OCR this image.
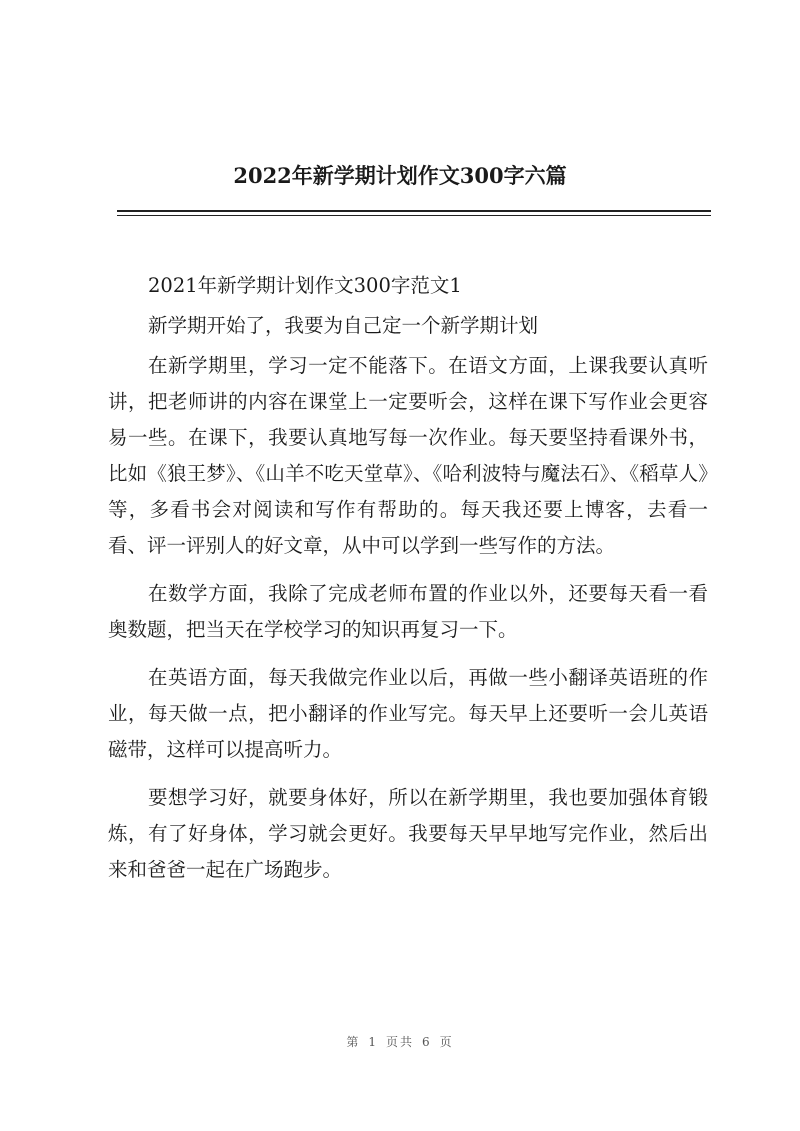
2022年新学期计划作文300字六篇

2021年新学期计划作文300字范文1

新学期开始了，我要为自己定一个新学期计划

在新学期里，学习一定不能落下。在语文方面，上课我要认真听讲，把老师讲的内容在课堂上一定要听会，这样在课下写作业会更容易一些。在课下，我要认真地写每一次作业。每天要坚持看课外书，比如《狼王梦》、《山羊不吃天堂草》、《哈利波特与魔法石》、《稻草人》等，多看书会对阅读和写作有帮助的。每天我还要上博客，去看一看、评一评别人的好文章，从中可以学到一些写作的方法。

在数学方面，我除了完成老师布置的作业以外，还要每天看一看奥数题，把当天在学校学习的知识再复习一下。

在英语方面，每天我做完作业以后，再做一些小翻译英语班的作业，每天做一点，把小翻译的作业写完。每天早上还要听一会儿英语磁带，这样可以提高听力。

要想学习好，就要身体好，所以在新学期里，我也要加强体育锻炼，有了好身体，学习就会更好。我要每天早早地写完作业，然后出来和爸爸一起在广场跑步。

第 1 页共 6 页
